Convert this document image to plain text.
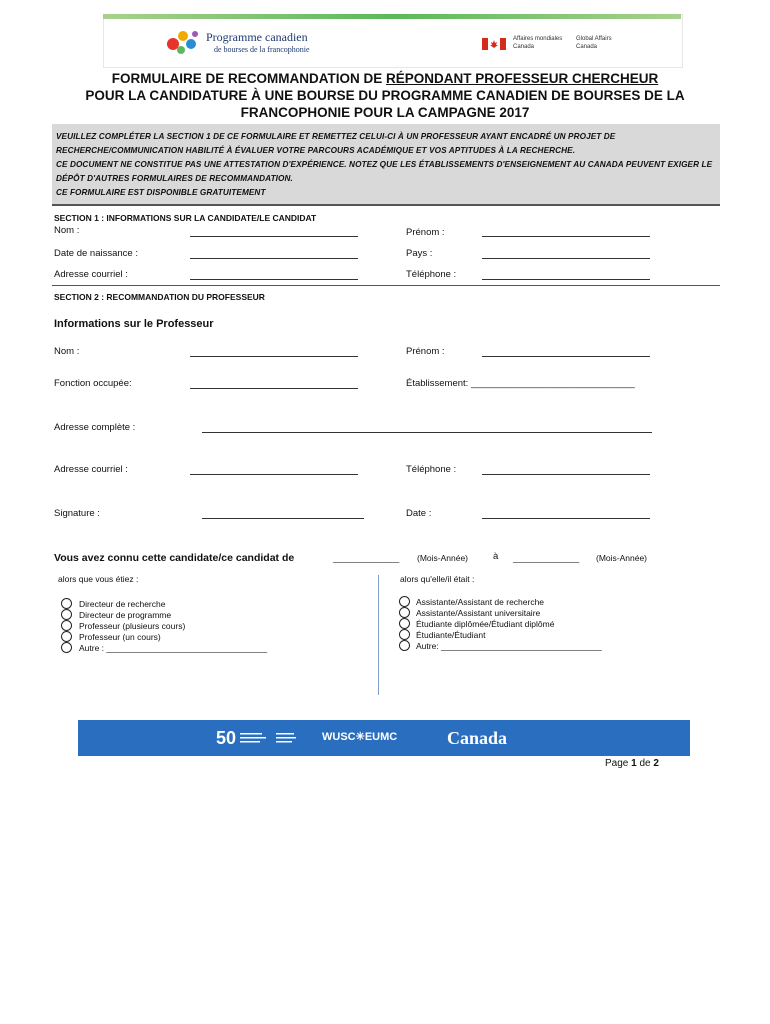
Programme canadien
de bourses de la francophonie
Affaires mondiales Canada
Global Affairs Canada
FORMULAIRE DE RECOMMANDATION DE RÉPONDANT PROFESSEUR CHERCHEUR
POUR LA CANDIDATURE À UNE BOURSE DU PROGRAMME CANADIEN DE BOURSES DE LA
FRANCOPHONIE POUR LA CAMPAGNE 2017

VEUILLEZ COMPLÉTER LA SECTION 1 DE CE FORMULAIRE ET REMETTEZ CELUI-CI À UN PROFESSEUR AYANT ENCADRÉ UN PROJET DE RECHERCHE/COMMUNICATION HABILITÉ À ÉVALUER VOTRE PARCOURS ACADÉMIQUE ET VOS APTITUDES À LA RECHERCHE.

CE DOCUMENT NE CONSTITUE PAS UNE ATTESTATION D'EXPÉRIENCE. NOTEZ QUE LES ÉTABLISSEMENTS D'ENSEIGNEMENT AU CANADA PEUVENT EXIGER LE DÉPÔT D'AUTRES FORMULAIRES DE RECOMMANDATION.

CE FORMULAIRE EST DISPONIBLE GRATUITEMENT

SECTION 1 : INFORMATIONS SUR LA CANDIDATE/LE CANDIDAT
Nom :	Prénom :
Date de naissance :	Pays :
Adresse courriel :	Téléphone :
SECTION 2 : RECOMMANDATION DU PROFESSEUR
Informations sur le Professeur
Nom :	Prénom :
Fonction occupée:	Établissement: _______________________________
Adresse complète :
Adresse courriel :	Téléphone :
Signature :	Date :
Vous avez connu cette candidate/ce candidat de	______________ (Mois-Année)	à ______________ (Mois-Année)
alors que vous étiez :	alors qu'elle/il était :
Directeur de recherche
Directeur de programme
Professeur (plusieurs cours)
Professeur (un cours)
Autre : __________________________________
Assistante/Assistant de recherche
Assistante/Assistant universitaire
Étudiante diplômée/Étudiant diplômé
Étudiante/Étudiant
Autre: __________________________________
50	WUSC✳EUMC	Canada
Page 1 de 2
